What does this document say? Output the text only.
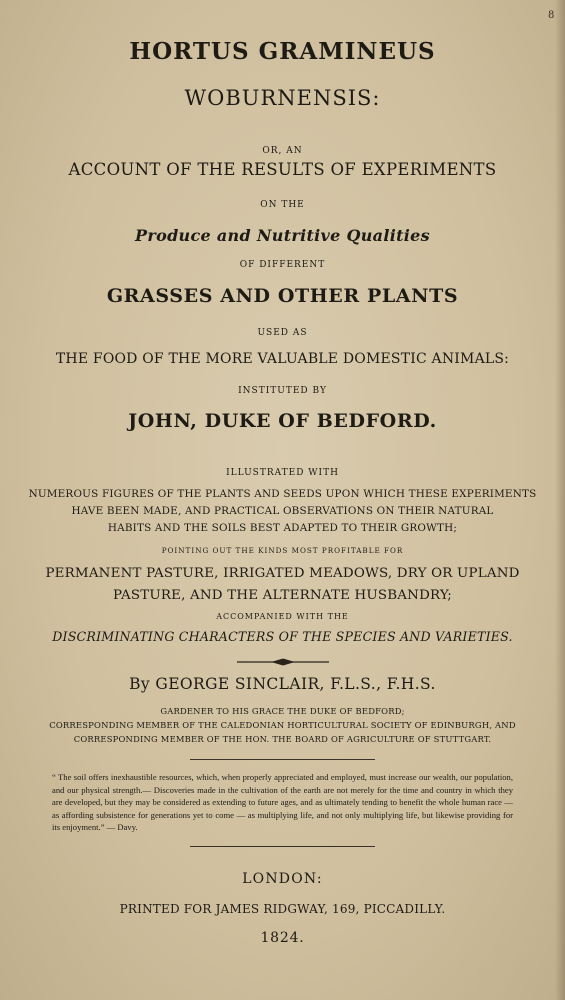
8
HORTUS GRAMINEUS
WOBURNENSIS:
OR, AN
ACCOUNT OF THE RESULTS OF EXPERIMENTS
ON THE
Produce and Nutritive Qualities
OF DIFFERENT
GRASSES AND OTHER PLANTS
USED AS
THE FOOD OF THE MORE VALUABLE DOMESTIC ANIMALS:
INSTITUTED BY
JOHN, DUKE OF BEDFORD.
ILLUSTRATED WITH
NUMEROUS FIGURES OF THE PLANTS AND SEEDS UPON WHICH THESE EXPERIMENTS
HAVE BEEN MADE, AND PRACTICAL OBSERVATIONS ON THEIR NATURAL
HABITS AND THE SOILS BEST ADAPTED TO THEIR GROWTH;
POINTING OUT THE KINDS MOST PROFITABLE FOR
PERMANENT PASTURE, IRRIGATED MEADOWS, DRY OR UPLAND
PASTURE, AND THE ALTERNATE HUSBANDRY;
ACCOMPANIED WITH THE
DISCRIMINATING CHARACTERS OF THE SPECIES AND VARIETIES.
By GEORGE SINCLAIR, F.L.S., F.H.S.
GARDENER TO HIS GRACE THE DUKE OF BEDFORD;
CORRESPONDING MEMBER OF THE CALEDONIAN HORTICULTURAL SOCIETY OF EDINBURGH, AND
CORRESPONDING MEMBER OF THE HON. THE BOARD OF AGRICULTURE OF STUTTGART.
“ The soil offers inexhaustible resources, which, when properly appreciated and employed, must increase our wealth, our population, and our physical strength.— Discoveries made in the cultivation of the earth are not merely for the time and country in which they are developed, but they may be considered as extending to future ages, and as ultimately tending to benefit the whole human race — as affording subsistence for generations yet to come — as multiplying life, and not only multiplying life, but likewise providing for its enjoyment.” — Davy.
LONDON:
PRINTED FOR JAMES RIDGWAY, 169, PICCADILLY.
1824.
